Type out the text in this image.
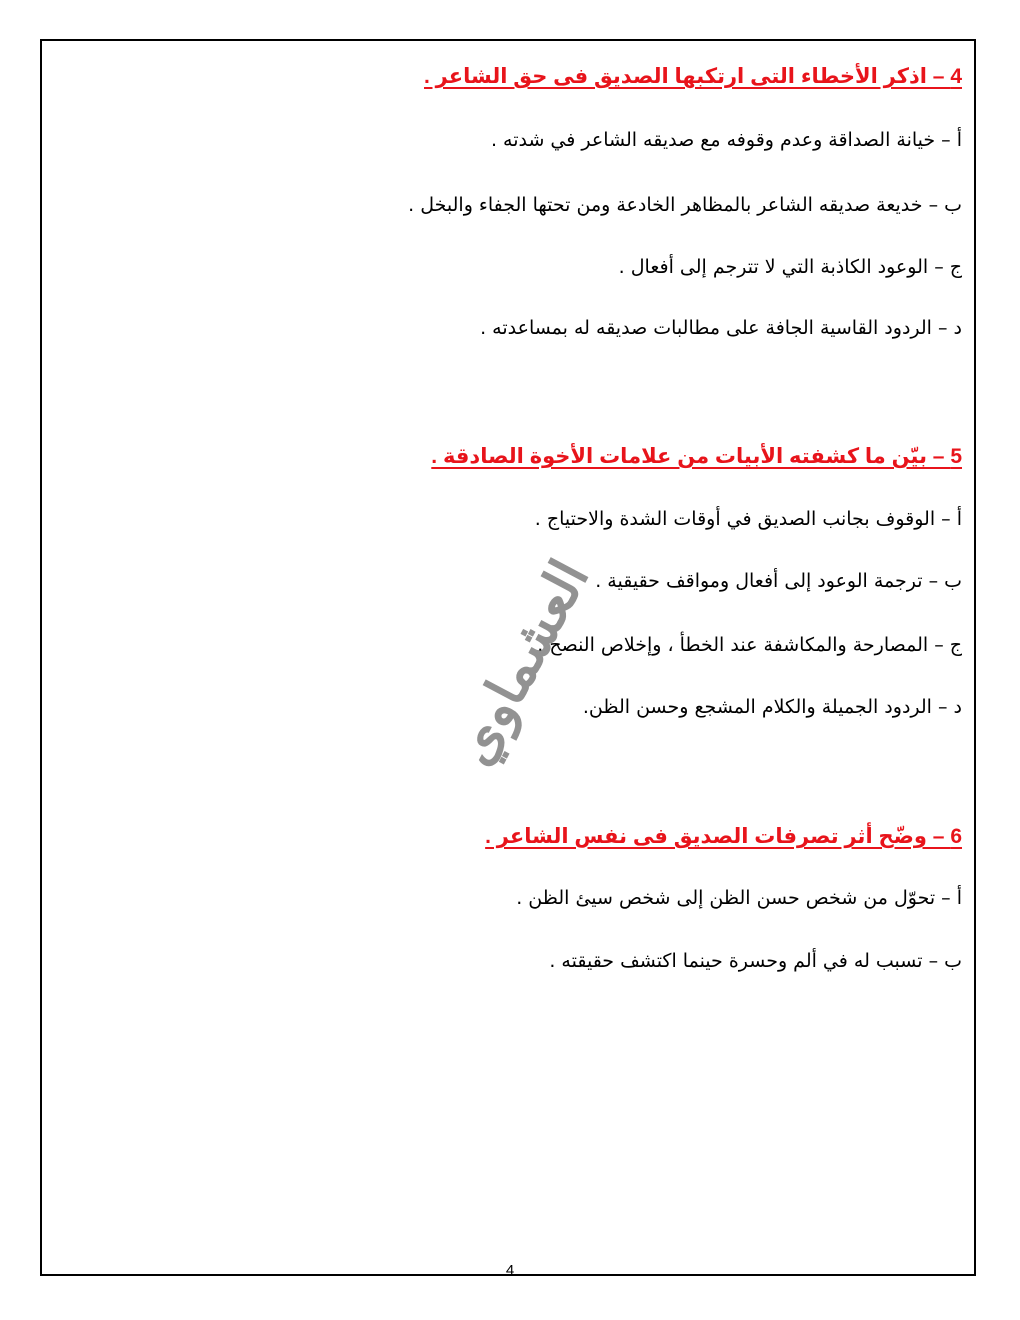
4 – اذكر الأخطاء التى ارتكبها الصديق فى حق الشاعر .
أ – خيانة الصداقة وعدم وقوفه مع صديقه الشاعر في شدته .
ب – خديعة صديقه الشاعر بالمظاهر الخادعة ومن تحتها الجفاء والبخل .
ج – الوعود الكاذبة التي لا تترجم إلى أفعال .
د – الردود القاسية الجافة على مطالبات صديقه له بمساعدته .
5 – بيّن ما كشفته الأبيات من علامات الأخوة الصادقة .
أ – الوقوف بجانب الصديق في أوقات الشدة والاحتياج .
ب – ترجمة الوعود إلى أفعال ومواقف حقيقية .
ج – المصارحة والمكاشفة عند الخطأ ، وإخلاص النصح .
د – الردود الجميلة والكلام المشجع وحسن الظن.
6 – وضّح أثر تصرفات الصديق فى نفس الشاعر .
أ – تحوّل من شخص حسن الظن إلى شخص سيئ الظن .
ب – تسبب له في ألم وحسرة حينما اكتشف حقيقته .
العشماوي
4
